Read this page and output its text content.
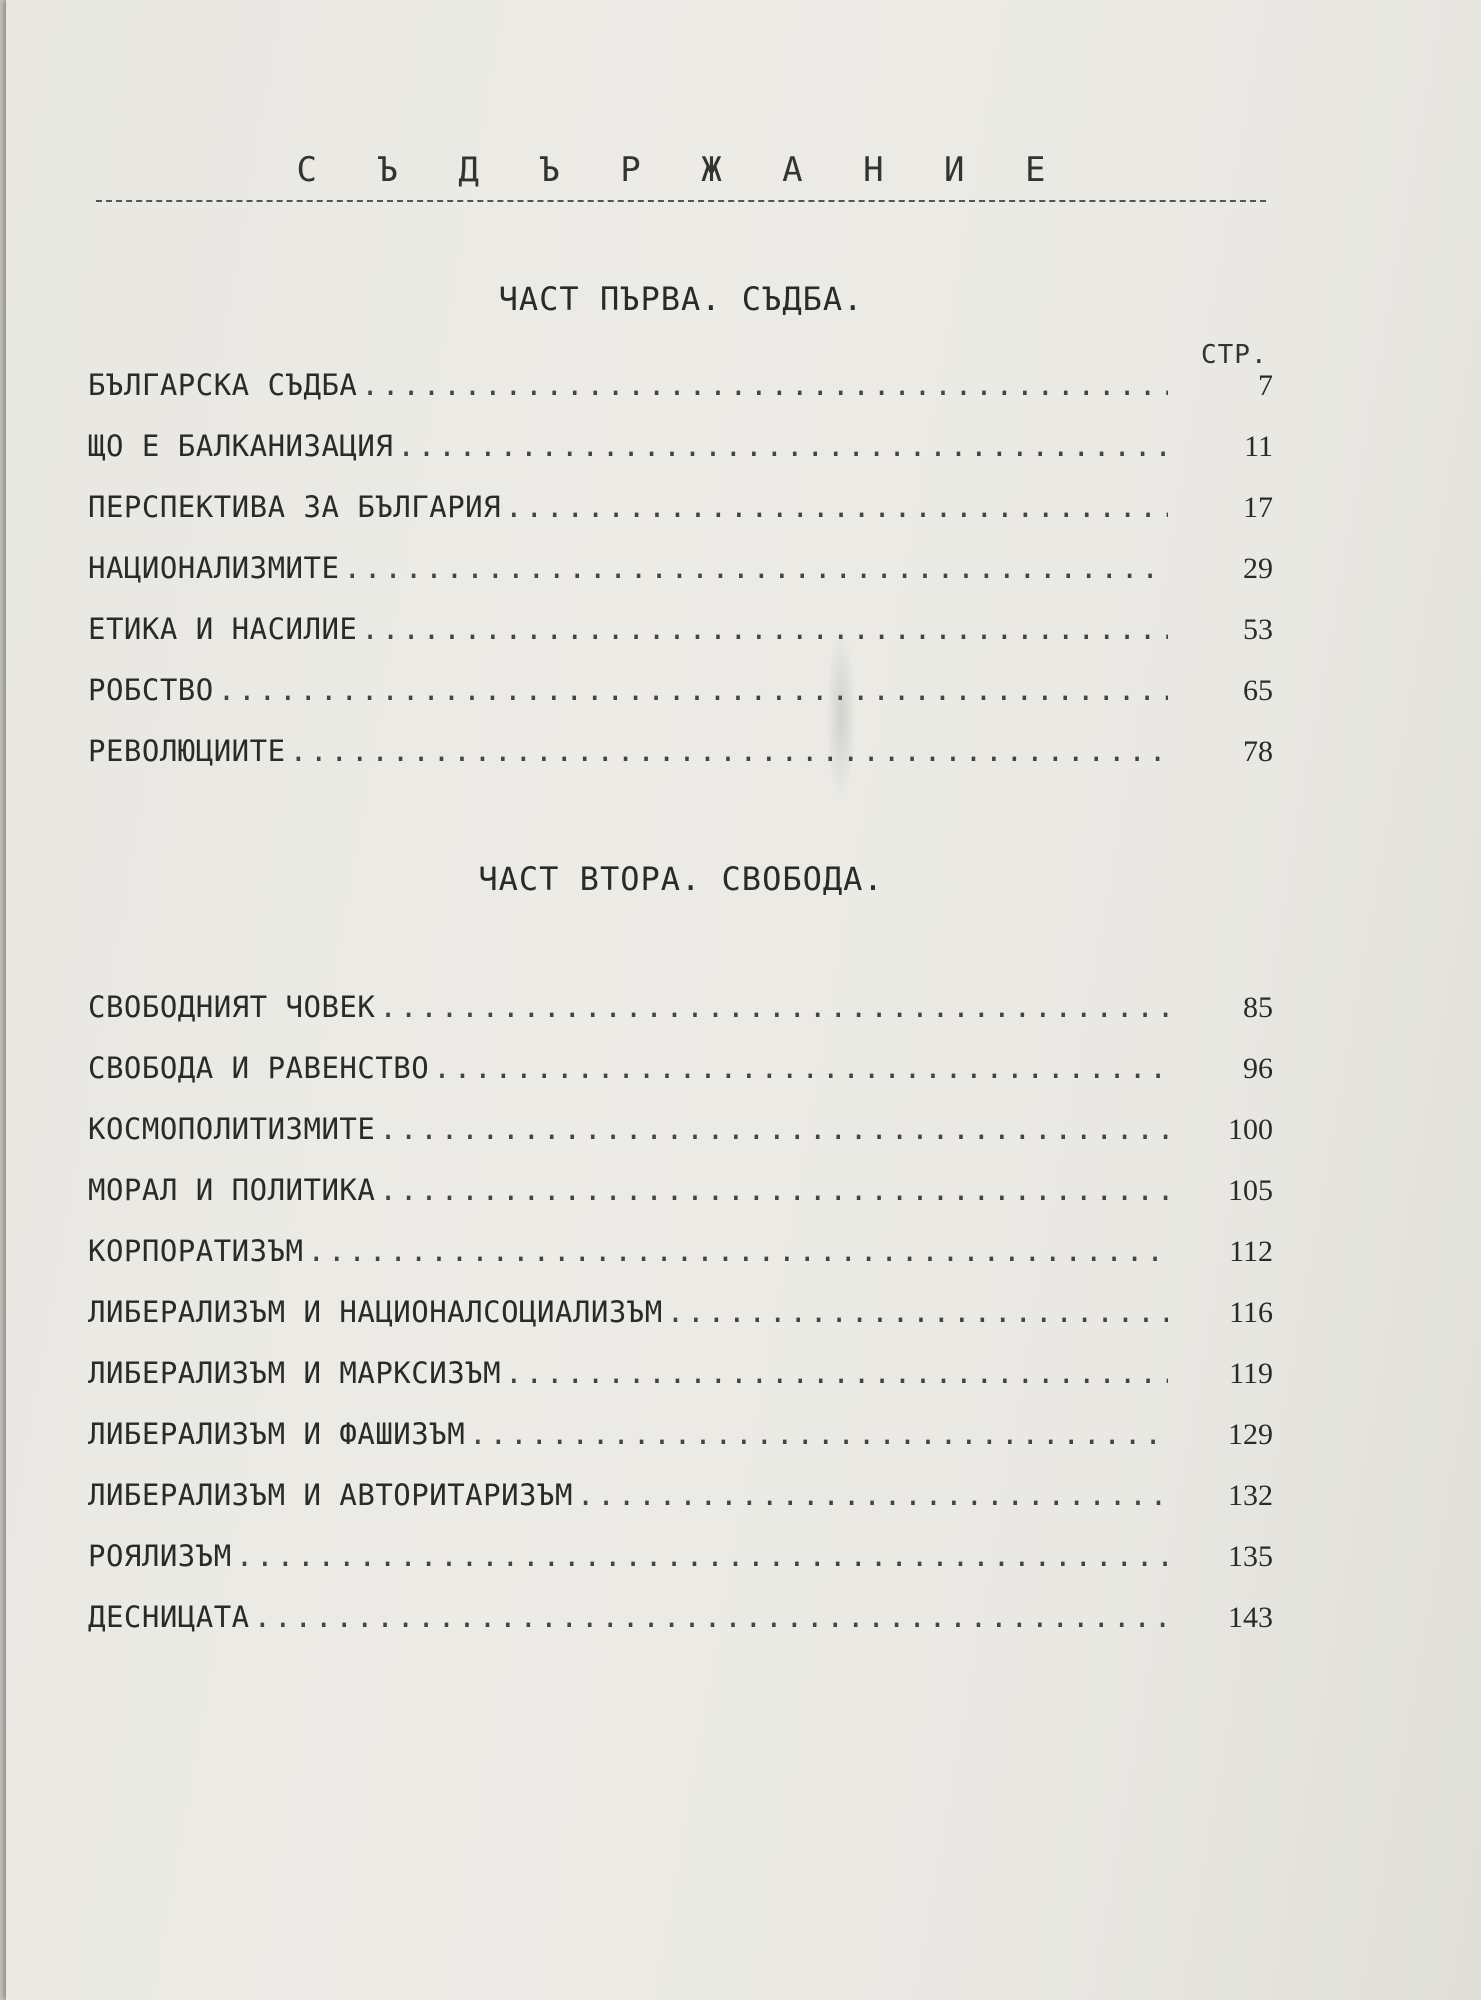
С Ъ Д Ъ Р Ж А Н И Е
ЧАСТ ПЪРВА. СЪДБА.
СТР.
БЪЛГАРСКА СЪДБА .....	7
ЩО Е БАЛКАНИЗАЦИЯ .....	11
ПЕРСПЕКТИВА ЗА БЪЛГАРИЯ .....	17
НАЦИОНАЛИЗМИТЕ .....	29
ЕТИКА И НАСИЛИЕ .....	53
РОБСТВО .....	65
РЕВОЛЮЦИИТЕ .....	78
ЧАСТ ВТОРА. СВОБОДА.
СВОБОДНИЯТ ЧОВЕК .....	85
СВОБОДА И РАВЕНСТВО .....	96
КОСМОПОЛИТИЗМИТЕ .....	100
МОРАЛ И ПОЛИТИКА .....	105
КОРПОРАТИЗЪМ .....	112
ЛИБЕРАЛИЗЪМ И НАЦИОНАЛСОЦИАЛИЗЪМ .....	116
ЛИБЕРАЛИЗЪМ И МАРКСИЗЪМ .....	119
ЛИБЕРАЛИЗЪМ И ФАШИЗЪМ .....	129
ЛИБЕРАЛИЗЪМ И АВТОРИТАРИЗЪМ .....	132
РОЯЛИЗЪМ .....	135
ДЕСНИЦАТА .....	143
